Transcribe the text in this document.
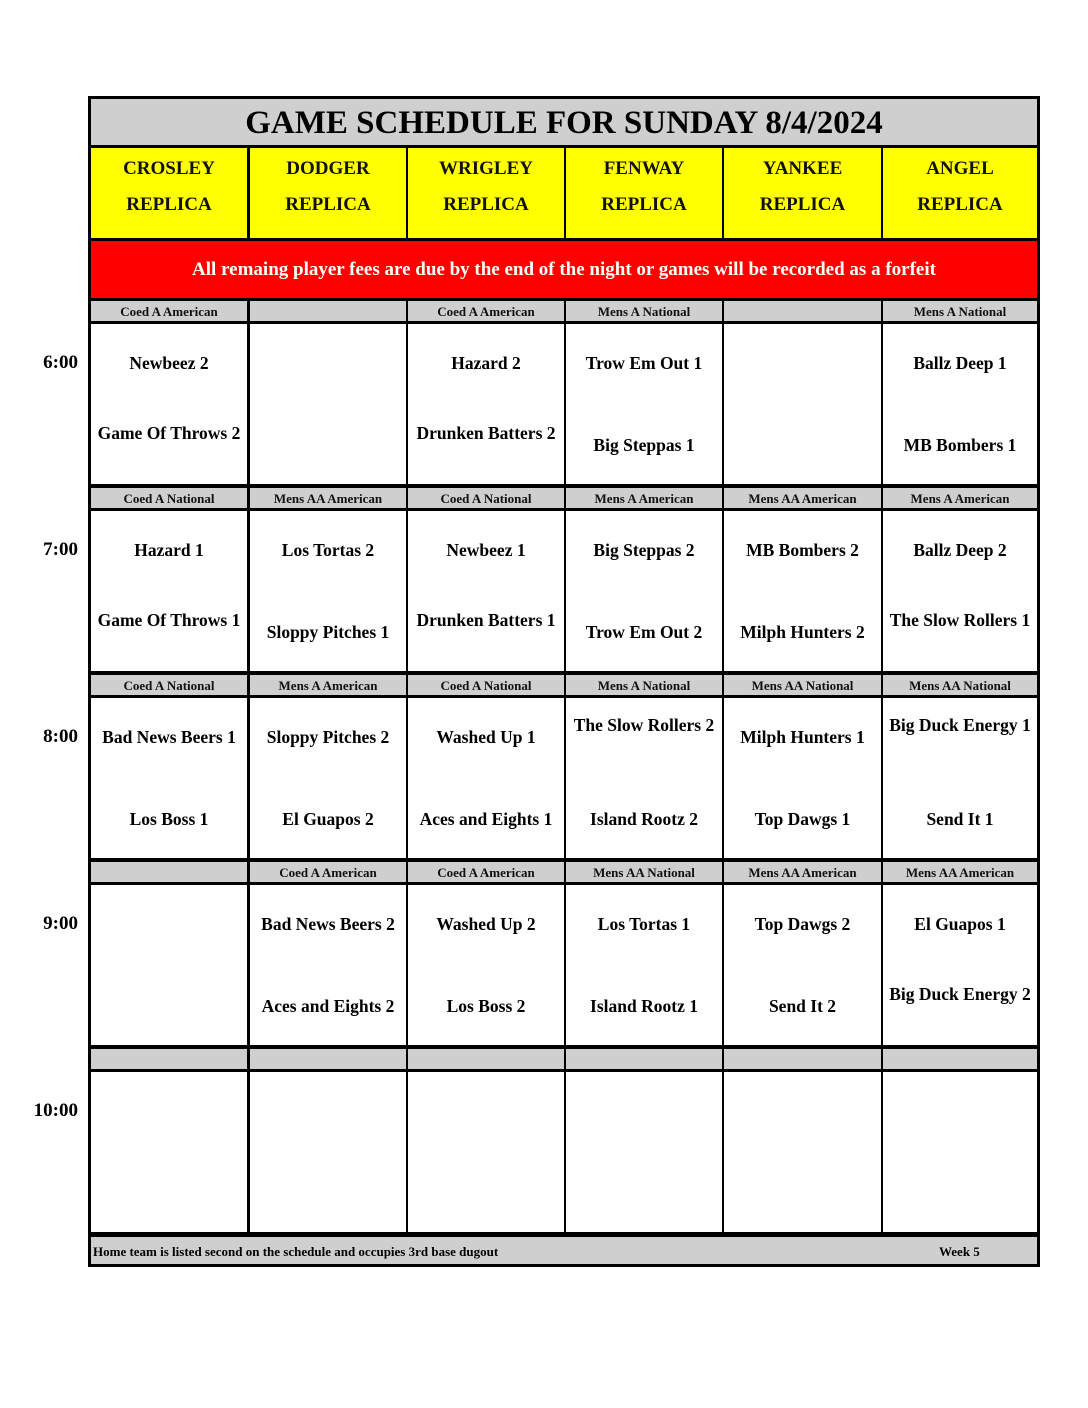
6:00
7:00
8:00
9:00
10:00
GAME SCHEDULE FOR SUNDAY 8/4/2024
CROSLEY
REPLICA
DODGER
REPLICA
WRIGLEY
REPLICA
FENWAY
REPLICA
YANKEE
REPLICA
ANGEL
REPLICA
All remaing player fees are due by the end of the night or games will be recorded as a forfeit
Coed A American
Newbeez 2
Game Of Throws 2
Coed A American
Hazard 2
Drunken Batters 2
Mens A National
Trow Em Out 1
Big Steppas 1
Mens A National
Ballz Deep 1
MB Bombers 1
Coed A National
Hazard 1
Game Of Throws 1
Mens AA American
Los Tortas 2
Sloppy Pitches 1
Coed A National
Newbeez 1
Drunken Batters 1
Mens A American
Big Steppas 2
Trow Em Out 2
Mens AA American
MB Bombers 2
Milph Hunters 2
Mens A American
Ballz Deep 2
The Slow Rollers 1
Coed A National
Bad News Beers 1
Los Boss 1
Mens A American
Sloppy Pitches 2
El Guapos 2
Coed A National
Washed Up 1
Aces and Eights 1
Mens A National
The Slow Rollers 2
Island Rootz 2
Mens AA National
Milph Hunters 1
Top Dawgs 1
Mens AA National
Big Duck Energy 1
Send It 1
Coed A American
Bad News Beers 2
Aces and Eights 2
Coed A American
Washed Up 2
Los Boss 2
Mens AA National
Los Tortas 1
Island Rootz 1
Mens AA American
Top Dawgs 2
Send It 2
Mens AA American
El Guapos 1
Big Duck Energy 2
Home team is listed second on the schedule and occupies 3rd base dugout	Week 5
